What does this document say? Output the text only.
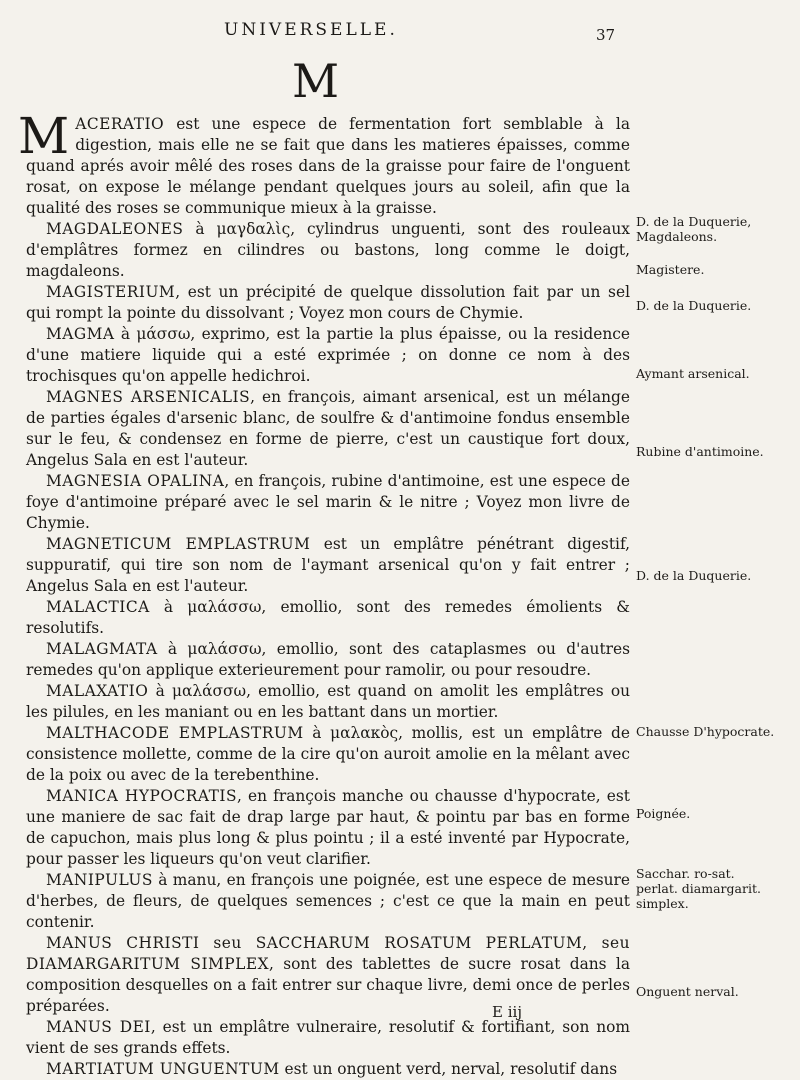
UNIVERSELLE.	37
M

MACERATIO est une espece de fermentation fort semblable à la digestion, mais elle ne se fait que dans les matieres épaisses, comme quand aprés avoir mêlé des roses dans de la graisse pour faire de l'onguent rosat, on expose le mélange pendant quelques jours au soleil, afin que la qualité des roses se communique mieux à la graisse.

MAGDALEONES à μαγδαλὶς, cylindrus unguenti, sont des rouleaux d'emplâtres formez en cilindres ou bastons, long comme le doigt, magdaleons.

MAGISTERIUM, est un précipité de quelque dissolution fait par un sel qui rompt la pointe du dissolvant ; Voyez mon cours de Chymie.

MAGMA à μάσσω, exprimo, est la partie la plus épaisse, ou la residence d'une matiere liquide qui a esté exprimée ; on donne ce nom à des trochisques qu'on appelle hedichroi.

MAGNES ARSENICALIS, en françois, aimant arsenical, est un mélange de parties égales d'arsenic blanc, de soulfre & d'antimoine fondus ensemble sur le feu, & condensez en forme de pierre, c'est un caustique fort doux, Angelus Sala en est l'auteur.

MAGNESIA OPALINA, en françois, rubine d'antimoine, est une espece de foye d'antimoine préparé avec le sel marin & le nitre ; Voyez mon livre de Chymie.

MAGNETICUM EMPLASTRUM est un emplâtre pénétrant digestif, suppuratif, qui tire son nom de l'aymant arsenical qu'on y fait entrer ; Angelus Sala en est l'auteur.

MALACTICA à μαλάσσω, emollio, sont des remedes émolients & resolutifs.

MALAGMATA à μαλάσσω, emollio, sont des cataplasmes ou d'autres remedes qu'on applique exterieurement pour ramolir, ou pour resoudre.

MALAXATIO à μαλάσσω, emollio, est quand on amolit les emplâtres ou les pilules, en les maniant ou en les battant dans un mortier.

MALTHACODE EMPLASTRUM à μαλακὸς, mollis, est un emplâtre de consistence mollette, comme de la cire qu'on auroit amolie en la mêlant avec de la poix ou avec de la terebenthine.

MANICA HYPOCRATIS, en françois manche ou chausse d'hypocrate, est une maniere de sac fait de drap large par haut, & pointu par bas en forme de capuchon, mais plus long & plus pointu ; il a esté inventé par Hypocrate, pour passer les liqueurs qu'on veut clarifier.

MANIPULUS à manu, en françois une poignée, est une espece de mesure d'herbes, de fleurs, de quelques semences ; c'est ce que la main en peut contenir.

MANUS CHRISTI seu SACCHARUM ROSATUM PERLATUM, seu DIAMARGARITUM SIMPLEX, sont des tablettes de sucre rosat dans la composition desquelles on a fait entrer sur chaque livre, demi once de perles préparées.

MANUS DEI, est un emplâtre vulneraire, resolutif & fortifiant, son nom vient de ses grands effets.

MARTIATUM UNGUENTUM est un onguent verd, nerval, resolutif dans

D. de la Duquerie, Magdaleons.
Magistere.
D. de la Duquerie.
Aymant arsenical.
Rubine d'antimoine.
D. de la Duquerie.
Chausse D'hypocrate.
Poignée.
Sacchar. ro-sat. perlat. diamargarit. simplex.
Onguent nerval.
E iij
